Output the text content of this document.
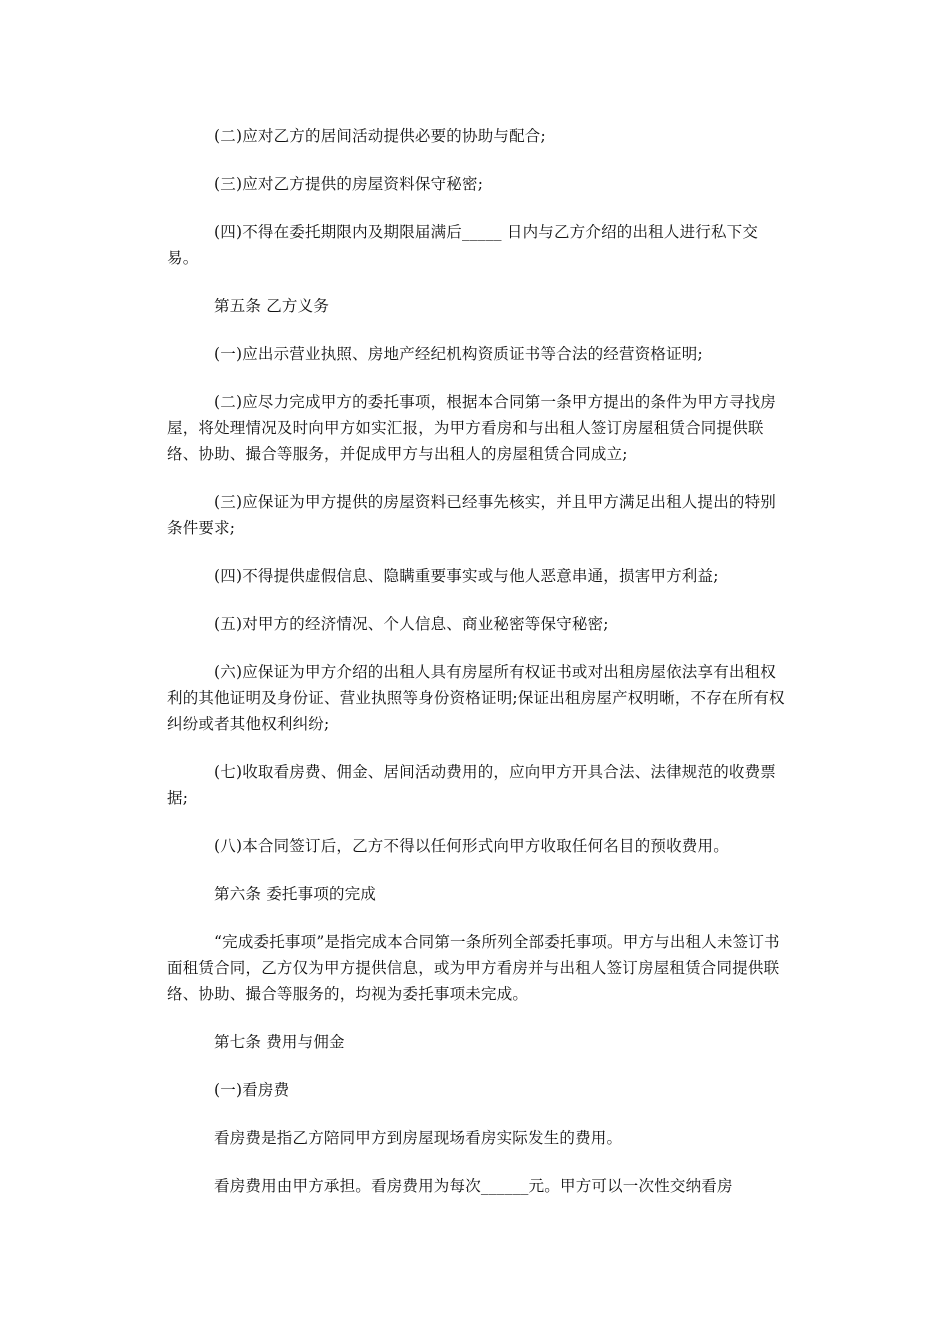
(二)应对乙方的居间活动提供必要的协助与配合;

(三)应对乙方提供的房屋资料保守秘密;

(四)不得在委托期限内及期限届满后_____ 日内与乙方介绍的出租人进行私下交易。

第五条 乙方义务

(一)应出示营业执照、房地产经纪机构资质证书等合法的经营资格证明;

(二)应尽力完成甲方的委托事项，根据本合同第一条甲方提出的条件为甲方寻找房屋，将处理情况及时向甲方如实汇报，为甲方看房和与出租人签订房屋租赁合同提供联络、协助、撮合等服务，并促成甲方与出租人的房屋租赁合同成立;

(三)应保证为甲方提供的房屋资料已经事先核实，并且甲方满足出租人提出的特别条件要求;

(四)不得提供虚假信息、隐瞒重要事实或与他人恶意串通，损害甲方利益;

(五)对甲方的经济情况、个人信息、商业秘密等保守秘密;

(六)应保证为甲方介绍的出租人具有房屋所有权证书或对出租房屋依法享有出租权利的其他证明及身份证、营业执照等身份资格证明;保证出租房屋产权明晰，不存在所有权纠纷或者其他权利纠纷;

(七)收取看房费、佣金、居间活动费用的，应向甲方开具合法、法律规范的收费票据;

(八)本合同签订后，乙方不得以任何形式向甲方收取任何名目的预收费用。

第六条 委托事项的完成

“完成委托事项”是指完成本合同第一条所列全部委托事项。甲方与出租人未签订书面租赁合同，乙方仅为甲方提供信息，或为甲方看房并与出租人签订房屋租赁合同提供联络、协助、撮合等服务的，均视为委托事项未完成。

第七条 费用与佣金

(一)看房费

看房费是指乙方陪同甲方到房屋现场看房实际发生的费用。

看房费用由甲方承担。看房费用为每次______元。甲方可以一次性交纳看房
